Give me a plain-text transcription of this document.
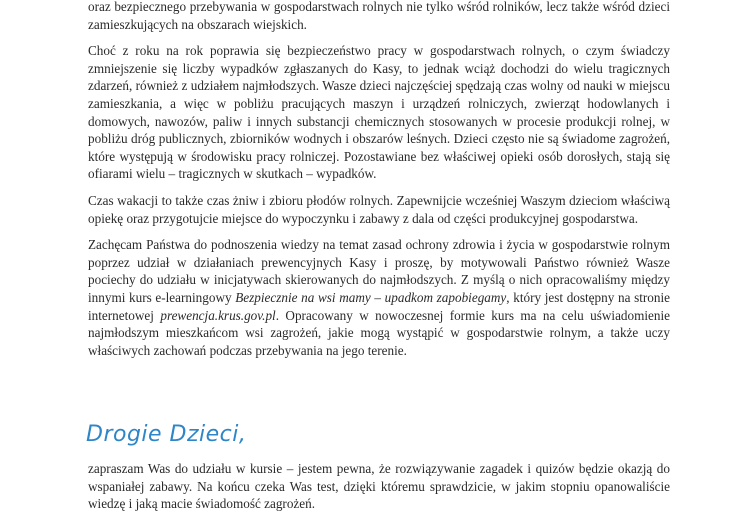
oraz bezpiecznego przebywania w gospodarstwach rolnych nie tylko wśród rolników, lecz także wśród dzieci zamieszkujących na obszarach wiejskich.

Choć z roku na rok poprawia się bezpieczeństwo pracy w gospodarstwach rolnych, o czym świadczy zmniejszenie się liczby wypadków zgłaszanych do Kasy, to jednak wciąż dochodzi do wielu tragicznych zdarzeń, również z udziałem najmłodszych. Wasze dzieci najczęściej spędzają czas wolny od nauki w miejscu zamieszkania, a więc w pobliżu pracujących maszyn i urządzeń rolniczych, zwierząt hodowlanych i domowych, nawozów, paliw i innych substancji chemicznych stosowanych w procesie produkcji rolnej, w pobliżu dróg publicznych, zbiorników wodnych i obszarów leśnych. Dzieci często nie są świadome zagrożeń, które występują w środowisku pracy rolniczej. Pozostawiane bez właściwej opieki osób dorosłych, stają się ofiarami wielu – tragicznych w skutkach – wypadków.

Czas wakacji to także czas żniw i zbioru płodów rolnych. Zapewnijcie wcześniej Waszym dzieciom właściwą opiekę oraz przygotujcie miejsce do wypoczynku i zabawy z dala od części produkcyjnej gospodarstwa.

Zachęcam Państwa do podnoszenia wiedzy na temat zasad ochrony zdrowia i życia w gospodarstwie rolnym poprzez udział w działaniach prewencyjnych Kasy i proszę, by motywowali Państwo również Wasze pociechy do udziału w inicjatywach skierowanych do najmłodszych. Z myślą o nich opracowaliśmy między innymi kurs e-learningowy Bezpiecznie na wsi mamy – upadkom zapobiegamy, który jest dostępny na stronie internetowej prewencja.krus.gov.pl. Opracowany w nowoczesnej formie kurs ma na celu uświadomienie najmłodszym mieszkańcom wsi zagrożeń, jakie mogą wystąpić w gospodarstwie rolnym, a także uczy właściwych zachowań podczas przebywania na jego terenie.

Drogie Dzieci,
zapraszam Was do udziału w kursie – jestem pewna, że rozwiązywanie zagadek i quizów będzie okazją do wspaniałej zabawy. Na końcu czeka Was test, dzięki któremu sprawdzicie, w jakim stopniu opanowaliście wiedzę i jaką macie świadomość zagrożeń.
